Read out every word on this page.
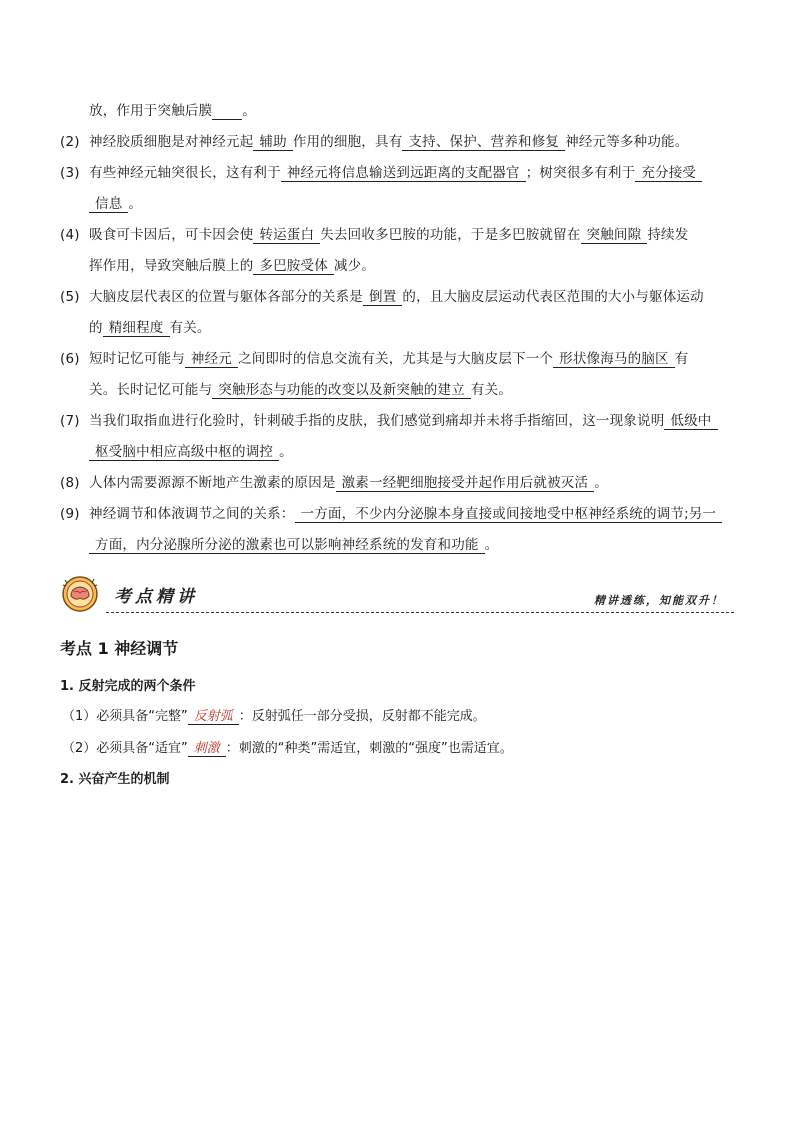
放，作用于突触后膜 。
(2) 神经胶质细胞是对神经元起 辅助 作用的细胞，具有 支持、保护、营养和修复 神经元等多种功能。
(3) 有些神经元轴突很长，这有利于 神经元将信息输送到远距离的支配器官 ；树突很多有利于 充分接受
信息 。
(4) 吸食可卡因后，可卡因会使 转运蛋白 失去回收多巴胺的功能，于是多巴胺就留在 突触间隙 持续发
挥作用，导致突触后膜上的 多巴胺受体 减少。
(5) 大脑皮层代表区的位置与躯体各部分的关系是 倒置 的，且大脑皮层运动代表区范围的大小与躯体运动
的 精细程度 有关。
(6) 短时记忆可能与 神经元 之间即时的信息交流有关，尤其是与大脑皮层下一个 形状像海马的脑区 有
关。长时记忆可能与 突触形态与功能的改变以及新突触的建立 有关。
(7) 当我们取指血进行化验时，针刺破手指的皮肤，我们感觉到痛却并未将手指缩回，这一现象说明 低级中
枢受脑中相应高级中枢的调控 。
(8) 人体内需要源源不断地产生激素的原因是 激素一经靶细胞接受并起作用后就被灭活 。
(9) 神经调节和体液调节之间的关系： 一方面，不少内分泌腺本身直接或间接地受中枢神经系统的调节;另一
方面，内分泌腺所分泌的激素也可以影响神经系统的发育和功能 。
考点精讲	精讲透练，知能双升！
考点 1 神经调节
1. 反射完成的两个条件
（1）必须具备“完整” 反射弧 ：反射弧任一部分受损，反射都不能完成。
（2）必须具备“适宜” 刺激 ：刺激的“种类”需适宜，刺激的“强度”也需适宜。
2. 兴奋产生的机制
